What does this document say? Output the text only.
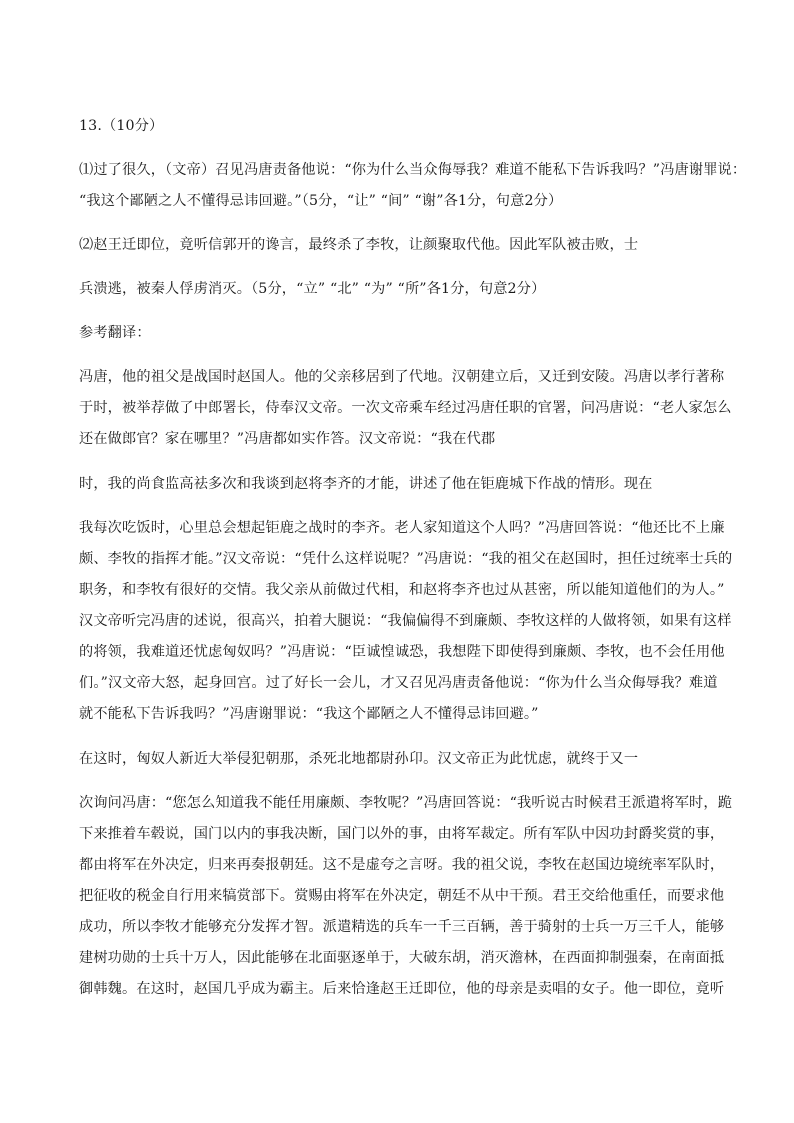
13.（10分）
⑴过了很久，（文帝）召见冯唐责备他说：“你为什么当众侮辱我？难道不能私下告诉我吗？”冯唐谢罪说：
“我这个鄙陋之人不懂得忌讳回避。”（5分，“让” “间” “谢”各1分，句意2分）
⑵赵王迁即位，竟听信郭开的谗言，最终杀了李牧，让颜聚取代他。因此军队被击败，士
兵溃逃，被秦人俘虏消灭。（5分，“立” “北” “为” “所”各1分，句意2分）
参考翻译：
冯唐，他的祖父是战国时赵国人。他的父亲移居到了代地。汉朝建立后，又迁到安陵。冯唐以孝行著称
于时，被举荐做了中郎署长，侍奉汉文帝。一次文帝乘车经过冯唐任职的官署，问冯唐说：“老人家怎么
还在做郎官？家在哪里？”冯唐都如实作答。汉文帝说：“我在代郡
时，我的尚食监高祛多次和我谈到赵将李齐的才能，讲述了他在钜鹿城下作战的情形。现在
我每次吃饭时，心里总会想起钜鹿之战时的李齐。老人家知道这个人吗？”冯唐回答说：“他还比不上廉
颇、李牧的指挥才能。”汉文帝说：“凭什么这样说呢？”冯唐说：“我的祖父在赵国时，担任过统率士兵的
职务，和李牧有很好的交情。我父亲从前做过代相，和赵将李齐也过从甚密，所以能知道他们的为人。”
汉文帝听完冯唐的述说，很高兴，拍着大腿说：“我偏偏得不到廉颇、李牧这样的人做将领，如果有这样
的将领，我难道还忧虑匈奴吗？”冯唐说：“臣诚惶诚恐，我想陛下即使得到廉颇、李牧，也不会任用他
们。”汉文帝大怒，起身回宫。过了好长一会儿，才又召见冯唐责备他说：“你为什么当众侮辱我？难道
就不能私下告诉我吗？”冯唐谢罪说：“我这个鄙陋之人不懂得忌讳回避。”
在这时，匈奴人新近大举侵犯朝那，杀死北地都尉孙卬。汉文帝正为此忧虑，就终于又一
次询问冯唐：“您怎么知道我不能任用廉颇、李牧呢？”冯唐回答说：“我听说古时候君王派遣将军时，跪
下来推着车毂说，国门以内的事我决断，国门以外的事，由将军裁定。所有军队中因功封爵奖赏的事，
都由将军在外决定，归来再奏报朝廷。这不是虚夸之言呀。我的祖父说，李牧在赵国边境统率军队时，
把征收的税金自行用来犒赏部下。赏赐由将军在外决定，朝廷不从中干预。君王交给他重任，而要求他
成功，所以李牧才能够充分发挥才智。派遣精选的兵车一千三百辆，善于骑射的士兵一万三千人，能够
建树功勋的士兵十万人，因此能够在北面驱逐单于，大破东胡，消灭澹林，在西面抑制强秦，在南面抵
御韩魏。在这时，赵国几乎成为霸主。后来恰逢赵王迁即位，他的母亲是卖唱的女子。他一即位，竟听
